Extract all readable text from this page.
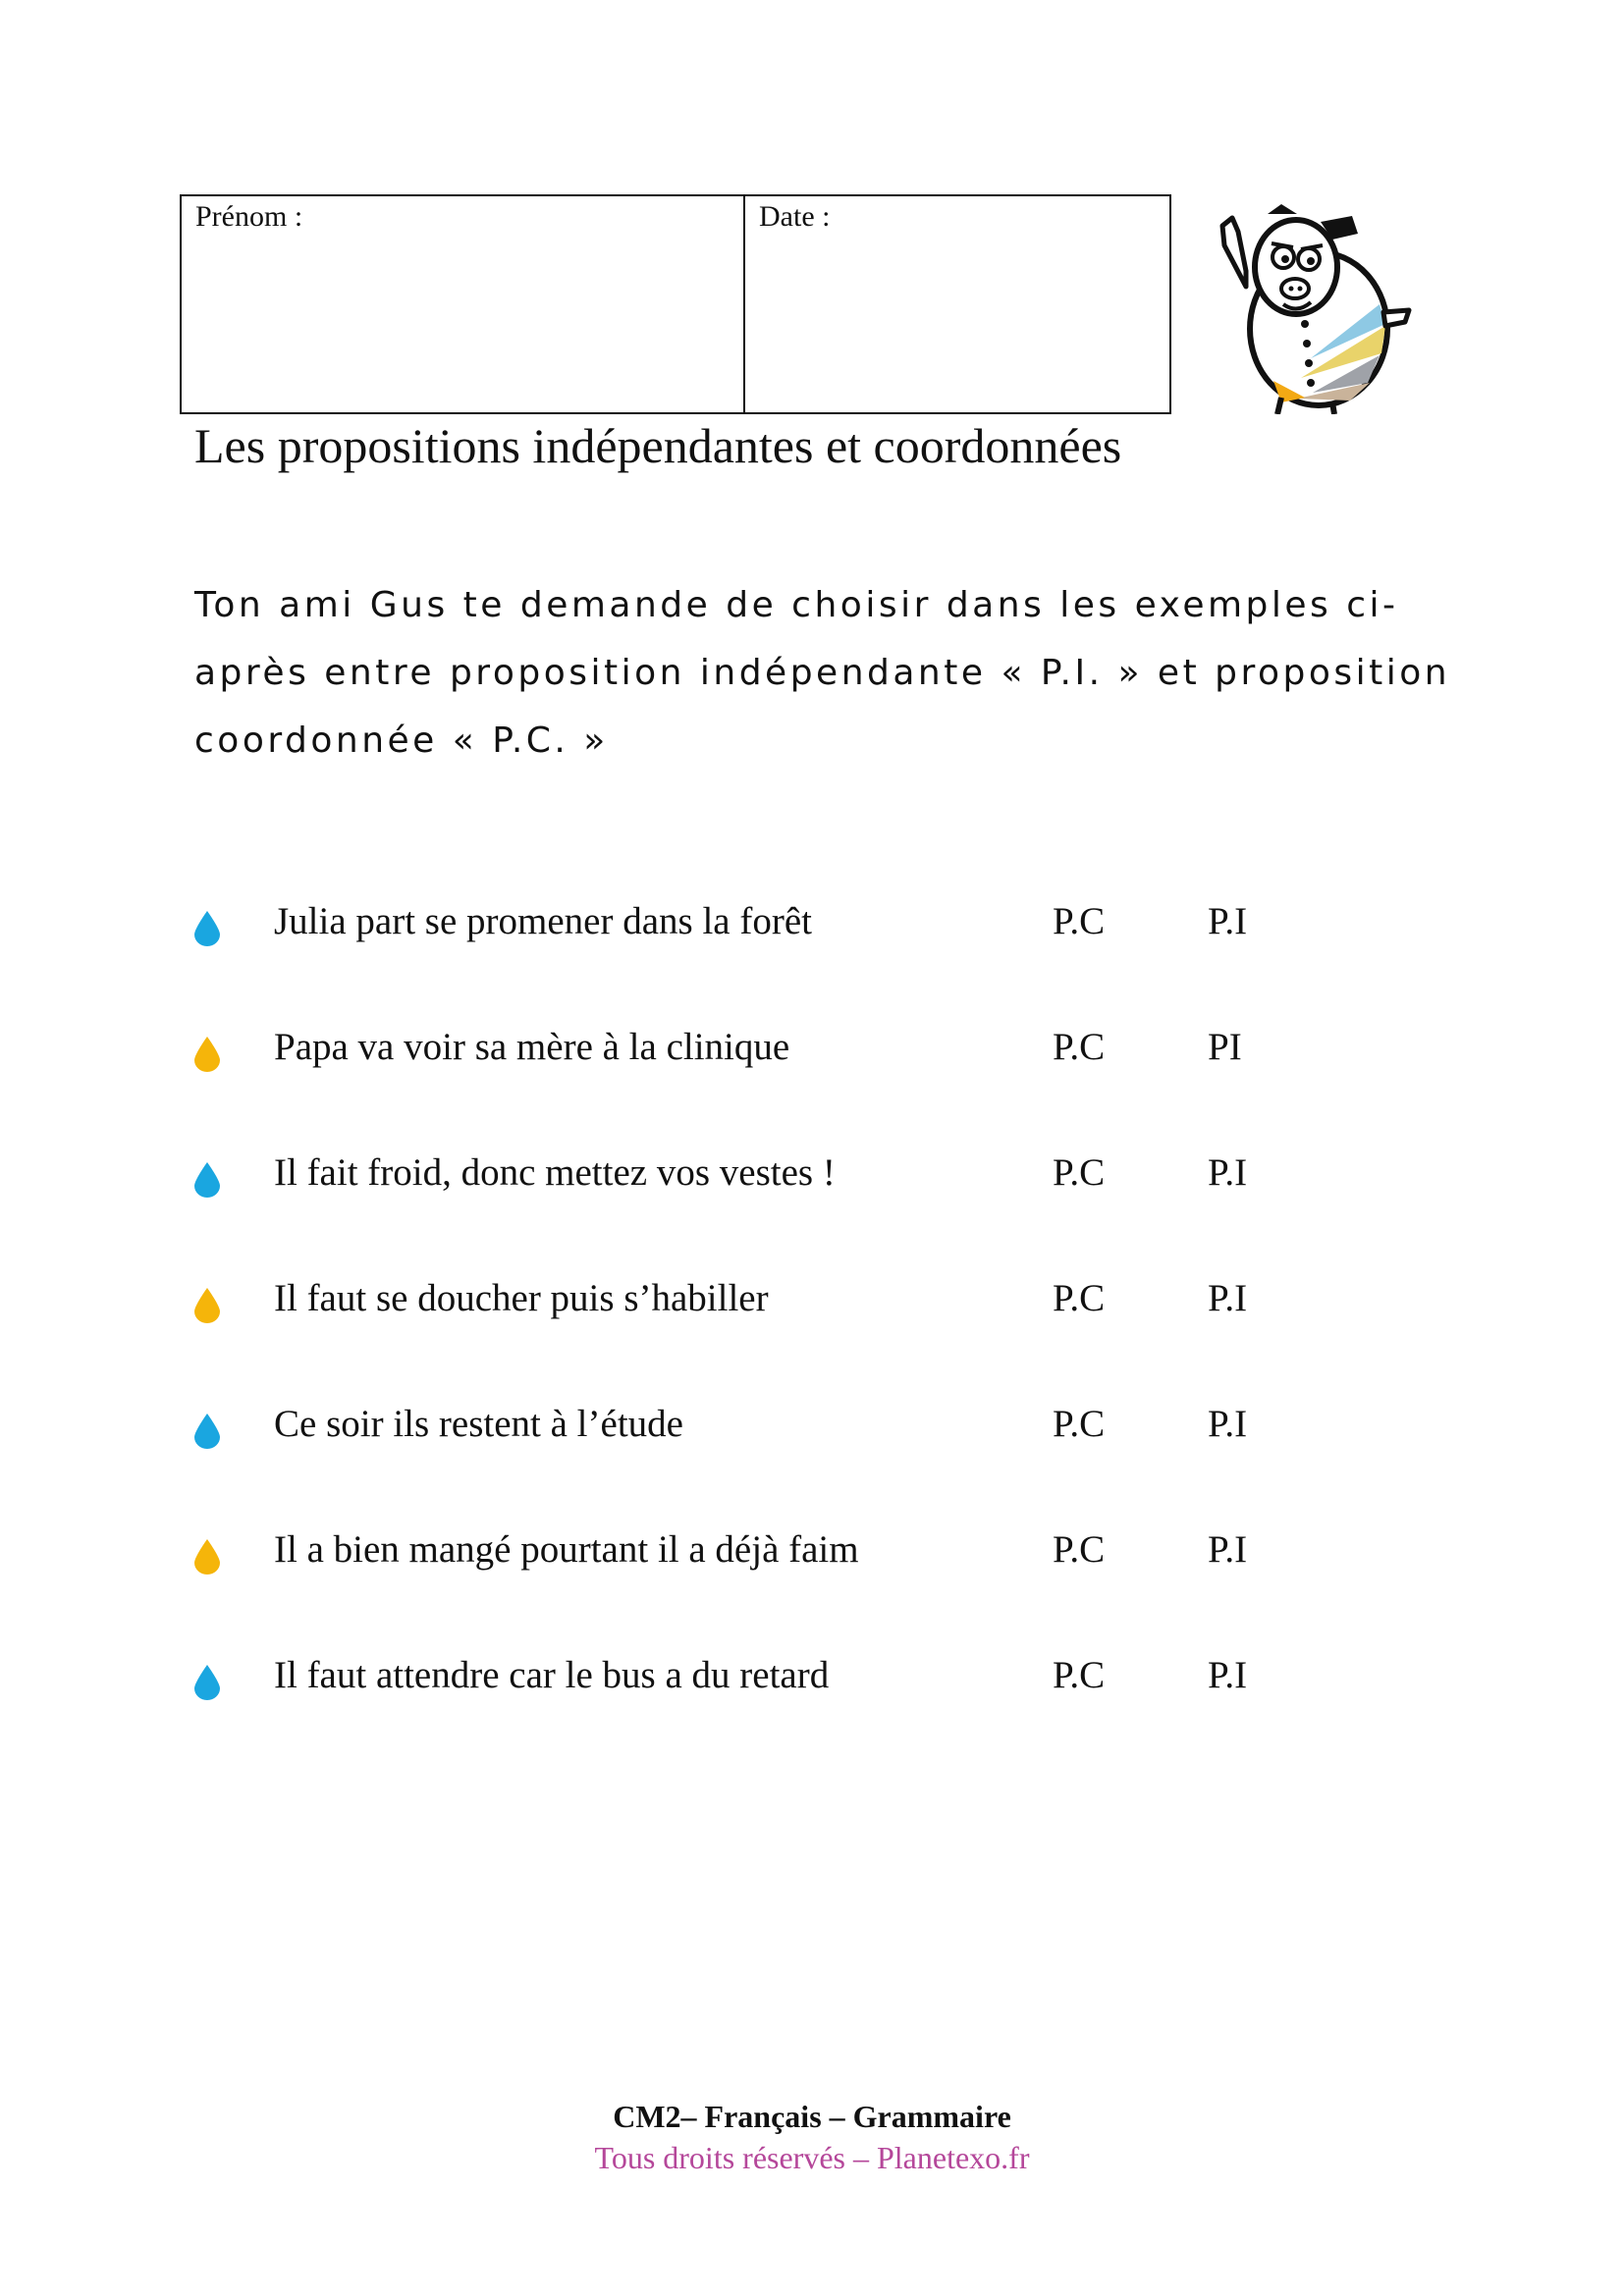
Prénom :	Date :
Les propositions indépendantes et coordonnées
Ton ami Gus te demande de choisir dans les exemples ci-après entre proposition indépendante « P.I. » et proposition coordonnée « P.C. »
Julia part se promener dans la forêt	P.C	P.I
Papa va voir sa mère à la clinique	P.C	PI
Il fait froid, donc mettez vos vestes !	P.C	P.I
Il faut se doucher puis s’habiller	P.C	P.I
Ce soir ils restent à l’étude	P.C	P.I
Il a bien mangé pourtant il a déjà faim	P.C	P.I
Il faut attendre car le bus a du retard	P.C	P.I
CM2– Français – Grammaire
Tous droits réservés – Planetexo.fr
